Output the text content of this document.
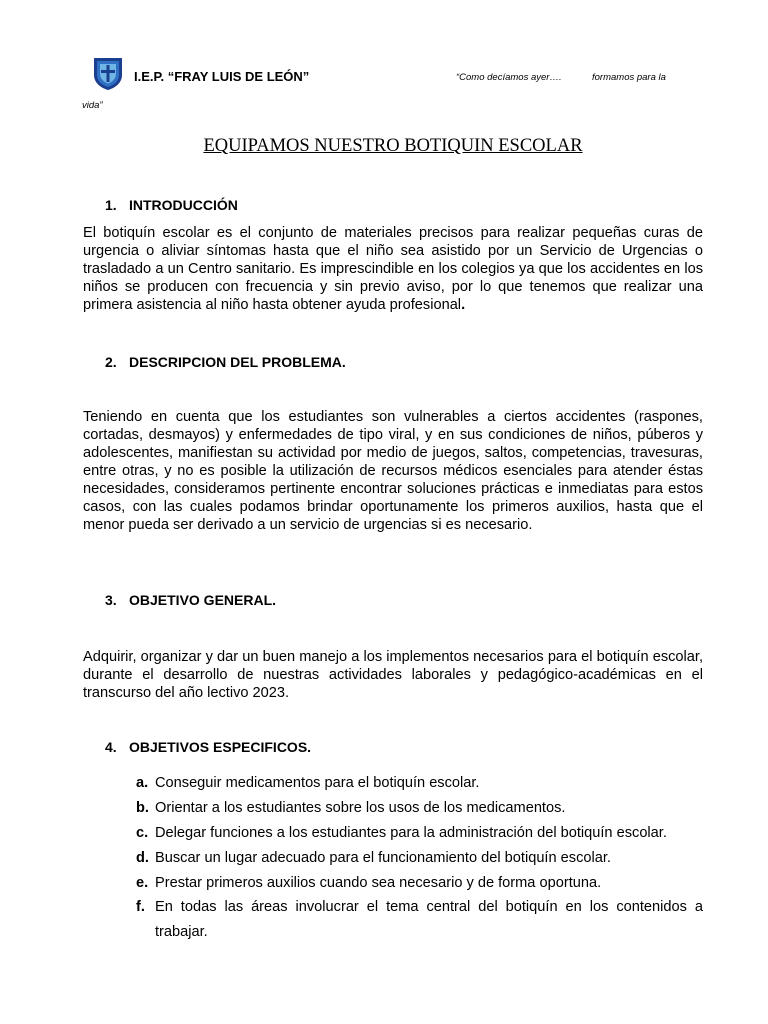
I.E.P. “FRAY LUIS DE LEÓN”	“Como decíamos ayer….	formamos para la
vida”
EQUIPAMOS NUESTRO BOTIQUIN ESCOLAR
1. INTRODUCCIÓN

El botiquín escolar es el conjunto de materiales precisos para realizar pequeñas curas de urgencia o aliviar síntomas hasta que el niño sea asistido por un Servicio de Urgencias o trasladado a un Centro sanitario. Es imprescindible en los colegios ya que los accidentes en los niños se producen con frecuencia y sin previo aviso, por lo que tenemos que realizar una primera asistencia al niño hasta obtener ayuda profesional.

2. DESCRIPCION DEL PROBLEMA.

Teniendo en cuenta que los estudiantes son vulnerables a ciertos accidentes (raspones, cortadas, desmayos) y enfermedades de tipo viral, y en sus condiciones de niños, púberos y adolescentes, manifiestan su actividad por medio de juegos, saltos, competencias, travesuras, entre otras, y no es posible la utilización de recursos médicos esenciales para atender éstas necesidades, consideramos pertinente encontrar soluciones prácticas e inmediatas para estos casos, con las cuales podamos brindar oportunamente los primeros auxilios, hasta que el menor pueda ser derivado a un servicio de urgencias si es necesario.

3. OBJETIVO GENERAL.

Adquirir, organizar y dar un buen manejo a los implementos necesarios para el botiquín escolar, durante el desarrollo de nuestras actividades laborales y pedagógico-académicas en el transcurso del año lectivo 2023.

4. OBJETIVOS ESPECIFICOS.
a. Conseguir medicamentos para el botiquín escolar.
b. Orientar a los estudiantes sobre los usos de los medicamentos.
c. Delegar funciones a los estudiantes para la administración del botiquín escolar.
d. Buscar un lugar adecuado para el funcionamiento del botiquín escolar.
e. Prestar primeros auxilios cuando sea necesario y de forma oportuna.
f. En todas las áreas involucrar el tema central del botiquín en los contenidos a trabajar.
